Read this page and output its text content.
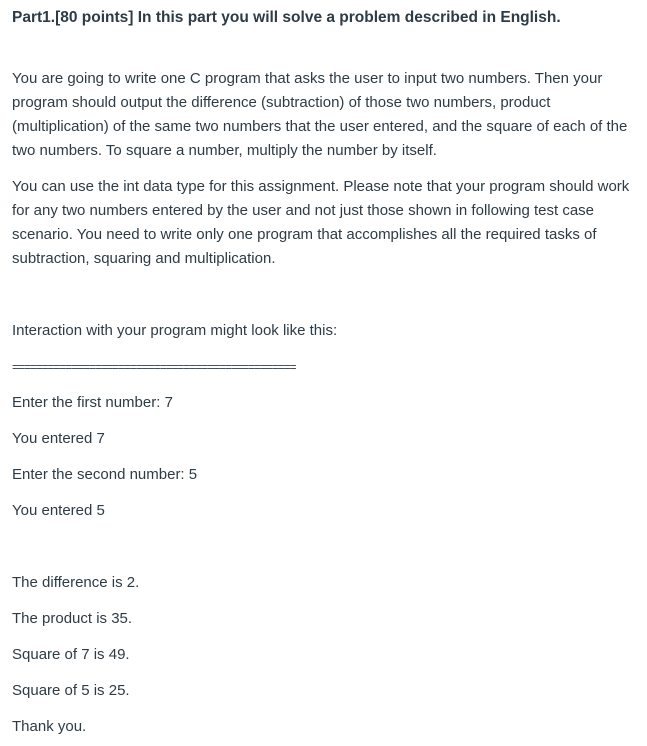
Part1.[80 points] In this part you will solve a problem described in English.

You are going to write one C program that asks the user to input two numbers. Then your program should output the difference (subtraction) of those two numbers, product (multiplication) of the same two numbers that the user entered, and the square of each of the two numbers. To square a number, multiply the number by itself.

You can use the int data type for this assignment. Please note that your program should work for any two numbers entered by the user and not just those shown in following test case scenario. You need to write only one program that accomplishes all the required tasks of subtraction, squaring and multiplication.

Interaction with your program might look like this:
================================================
Enter the first number: 7
You entered 7
Enter the second number: 5
You entered 5
The difference is 2.
The product is 35.
Square of 7 is 49.
Square of 5 is 25.
Thank you.
